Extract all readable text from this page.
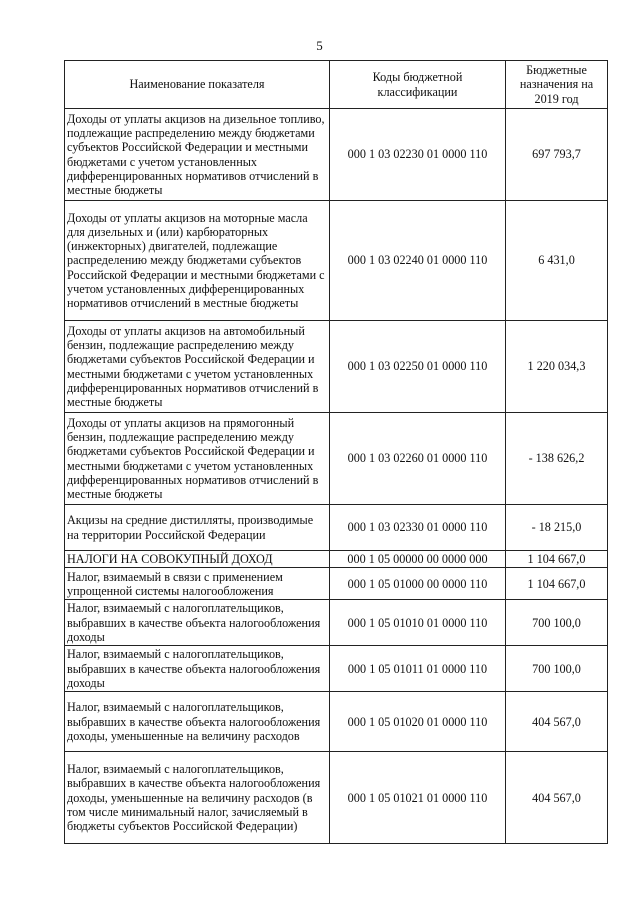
5
Наименование показателя	Коды бюджетной классификации	Бюджетные назначения на 2019 год
Доходы от уплаты акцизов на дизельное топливо, подлежащие распределению между бюджетами субъектов Российской Федерации и местными бюджетами с учетом установленных дифференцированных нормативов отчислений в местные бюджеты	000 1 03 02230 01 0000 110	697 793,7
Доходы от уплаты акцизов на моторные масла для дизельных и (или) карбюраторных (инжекторных) двигателей, подлежащие распределению между бюджетами субъектов Российской Федерации и местными бюджетами с учетом установленных дифференцированных нормативов отчислений в местные бюджеты	000 1 03 02240 01 0000 110	6 431,0
Доходы от уплаты акцизов на автомобильный бензин, подлежащие распределению между бюджетами субъектов Российской Федерации и местными бюджетами с учетом установленных дифференцированных нормативов отчислений в местные бюджеты	000 1 03 02250 01 0000 110	1 220 034,3
Доходы от уплаты акцизов на прямогонный бензин, подлежащие распределению между бюджетами субъектов Российской Федерации и местными бюджетами с учетом установленных дифференцированных нормативов отчислений в местные бюджеты	000 1 03 02260 01 0000 110	- 138 626,2
Акцизы на средние дистилляты, производимые на территории Российской Федерации	000 1 03 02330 01 0000 110	- 18 215,0
НАЛОГИ НА СОВОКУПНЫЙ ДОХОД	000 1 05 00000 00 0000 000	1 104 667,0
Налог, взимаемый в связи с применением упрощенной системы налогообложения	000 1 05 01000 00 0000 110	1 104 667,0
Налог, взимаемый с налогоплательщиков, выбравших в качестве объекта налогообложения доходы	000 1 05 01010 01 0000 110	700 100,0
Налог, взимаемый с налогоплательщиков, выбравших в качестве объекта налогообложения доходы	000 1 05 01011 01 0000 110	700 100,0
Налог, взимаемый с налогоплательщиков, выбравших в качестве объекта налогообложения доходы, уменьшенные на величину расходов	000 1 05 01020 01 0000 110	404 567,0
Налог, взимаемый с налогоплательщиков, выбравших в качестве объекта налогообложения доходы, уменьшенные на величину расходов (в том числе минимальный налог, зачисляемый в бюджеты субъектов Российской Федерации)	000 1 05 01021 01 0000 110	404 567,0
